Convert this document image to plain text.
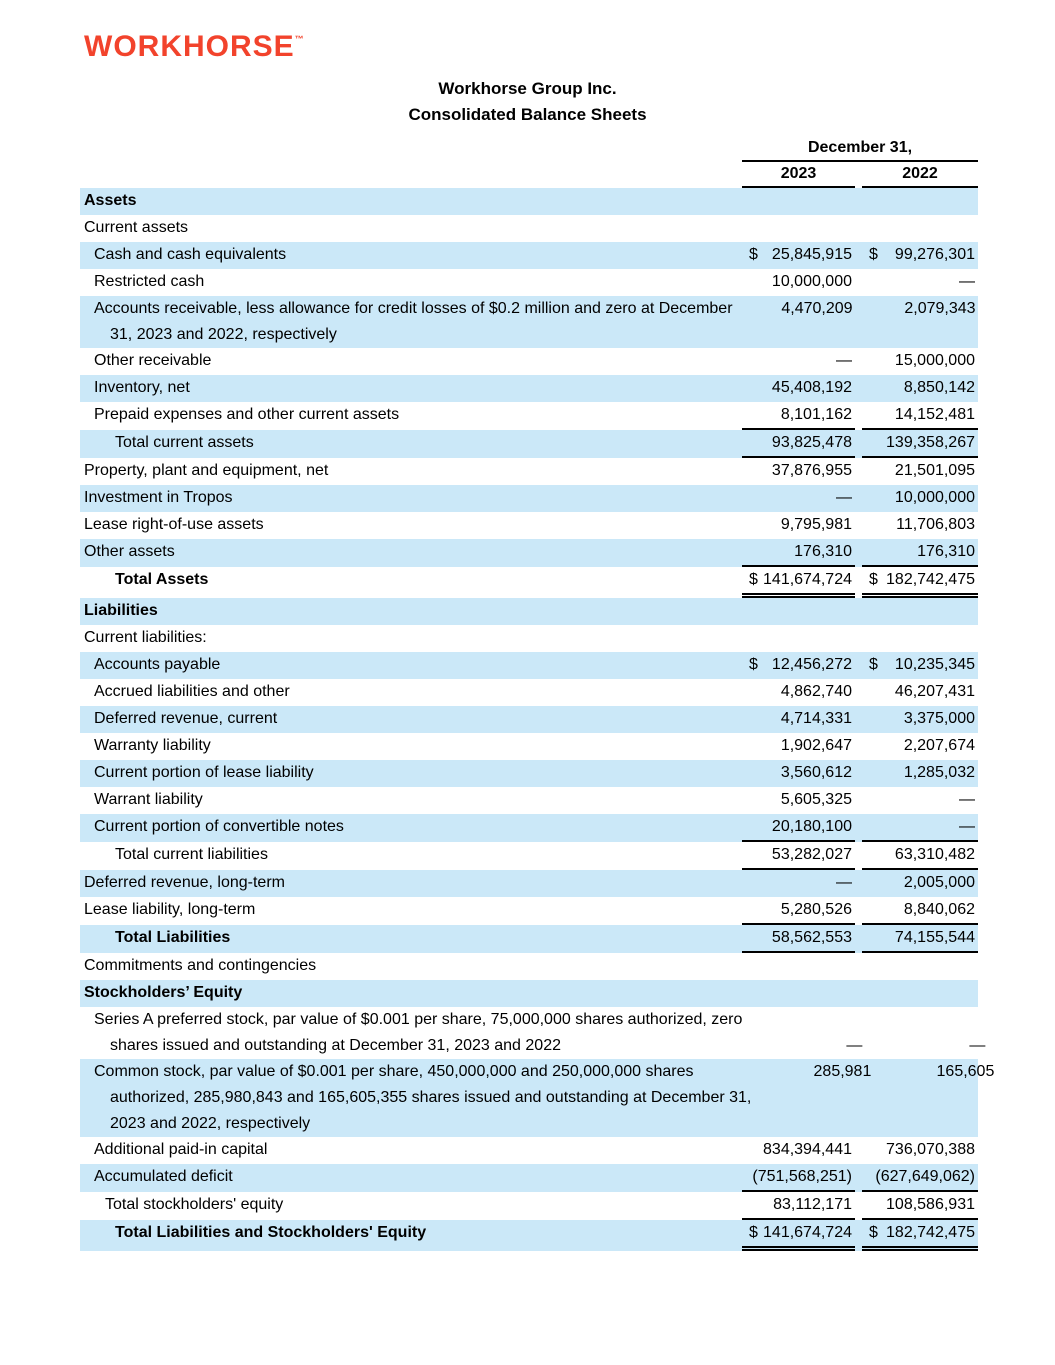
WORKHORSE™
Workhorse Group Inc.
Consolidated Balance Sheets
December 31,
2023	2022
Assets
Current assets
Cash and cash equivalents	$ 25,845,915 $ 99,276,301
Restricted cash	10,000,000	—
Accounts receivable, less allowance for credit losses of $0.2 million and zero at December
31, 2023 and 2022, respectively
4,470,209	2,079,343
Other receivable	—	15,000,000
Inventory, net	45,408,192	8,850,142
Prepaid expenses and other current assets	8,101,162	14,152,481
Total current assets	93,825,478 139,358,267
Property, plant and equipment, net	37,876,955	21,501,095
Investment in Tropos	—	10,000,000
Lease right-of-use assets	9,795,981	11,706,803
Other assets	176,310	176,310
Total Assets	$ 141,674,724 $ 182,742,475
Liabilities
Current liabilities:
Accounts payable	$ 12,456,272 $ 10,235,345
Accrued liabilities and other	4,862,740	46,207,431
Deferred revenue, current	4,714,331	3,375,000
Warranty liability	1,902,647	2,207,674
Current portion of lease liability	3,560,612	1,285,032
Warrant liability	5,605,325	—
Current portion of convertible notes	20,180,100	—
Total current liabilities	53,282,027	63,310,482
Deferred revenue, long-term	—	2,005,000
Lease liability, long-term	5,280,526	8,840,062
Total Liabilities	58,562,553	74,155,544
Commitments and contingencies
Stockholders’ Equity
Series A preferred stock, par value of $0.001 per share, 75,000,000 shares authorized, zero
shares issued and outstanding at December 31, 2023 and 2022	—	—
Common stock, par value of $0.001 per share, 450,000,000 and 250,000,000 shares
authorized, 285,980,843 and 165,605,355 shares issued and outstanding at December 31,
2023 and 2022, respectively
285,981	165,605
Additional paid-in capital	834,394,441 736,070,388
Accumulated deficit	(751,568,251) (627,649,062)
Total stockholders' equity	83,112,171 108,586,931
Total Liabilities and Stockholders' Equity	$ 141,674,724 $ 182,742,475
